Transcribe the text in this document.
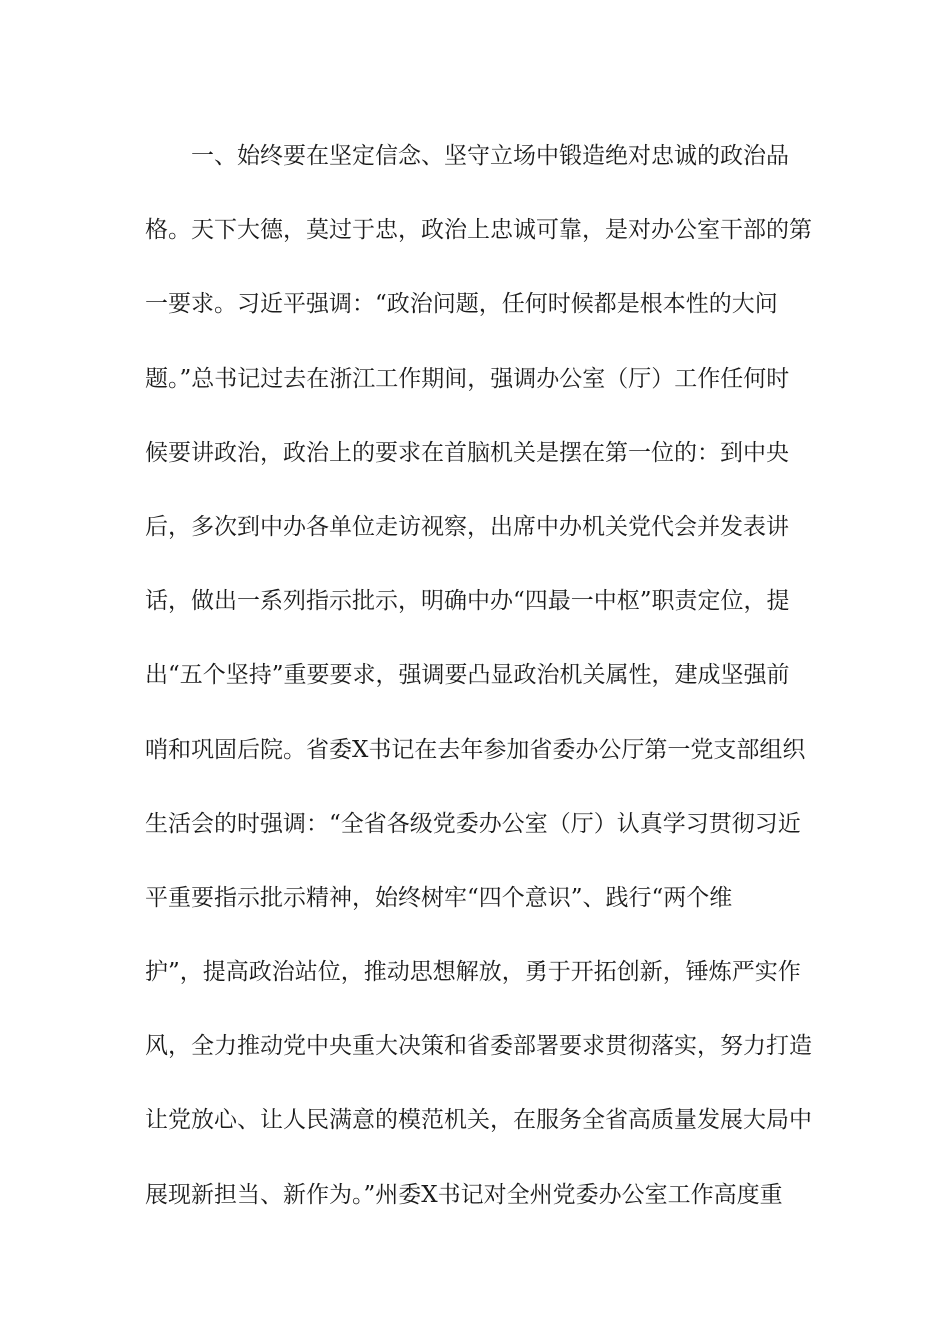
一、始终要在坚定信念、坚守立场中锻造绝对忠诚的政治品
格。天下大德，莫过于忠，政治上忠诚可靠，是对办公室干部的第
一要求。习近平强调：“政治问题，任何时候都是根本性的大问
题。”总书记过去在浙江工作期间，强调办公室（厅）工作任何时
候要讲政治，政治上的要求在首脑机关是摆在第一位的：到中央
后，多次到中办各单位走访视察，出席中办机关党代会并发表讲
话，做出一系列指示批示，明确中办“四最一中枢”职责定位，提
出“五个坚持”重要要求，强调要凸显政治机关属性，建成坚强前
哨和巩固后院。省委X书记在去年参加省委办公厅第一党支部组织
生活会的时强调：“全省各级党委办公室（厅）认真学习贯彻习近
平重要指示批示精神，始终树牢“四个意识”、践行“两个维
护”，提高政治站位，推动思想解放，勇于开拓创新，锤炼严实作
风，全力推动党中央重大决策和省委部署要求贯彻落实，努力打造
让党放心、让人民满意的模范机关，在服务全省高质量发展大局中
展现新担当、新作为。”州委X书记对全州党委办公室工作高度重
